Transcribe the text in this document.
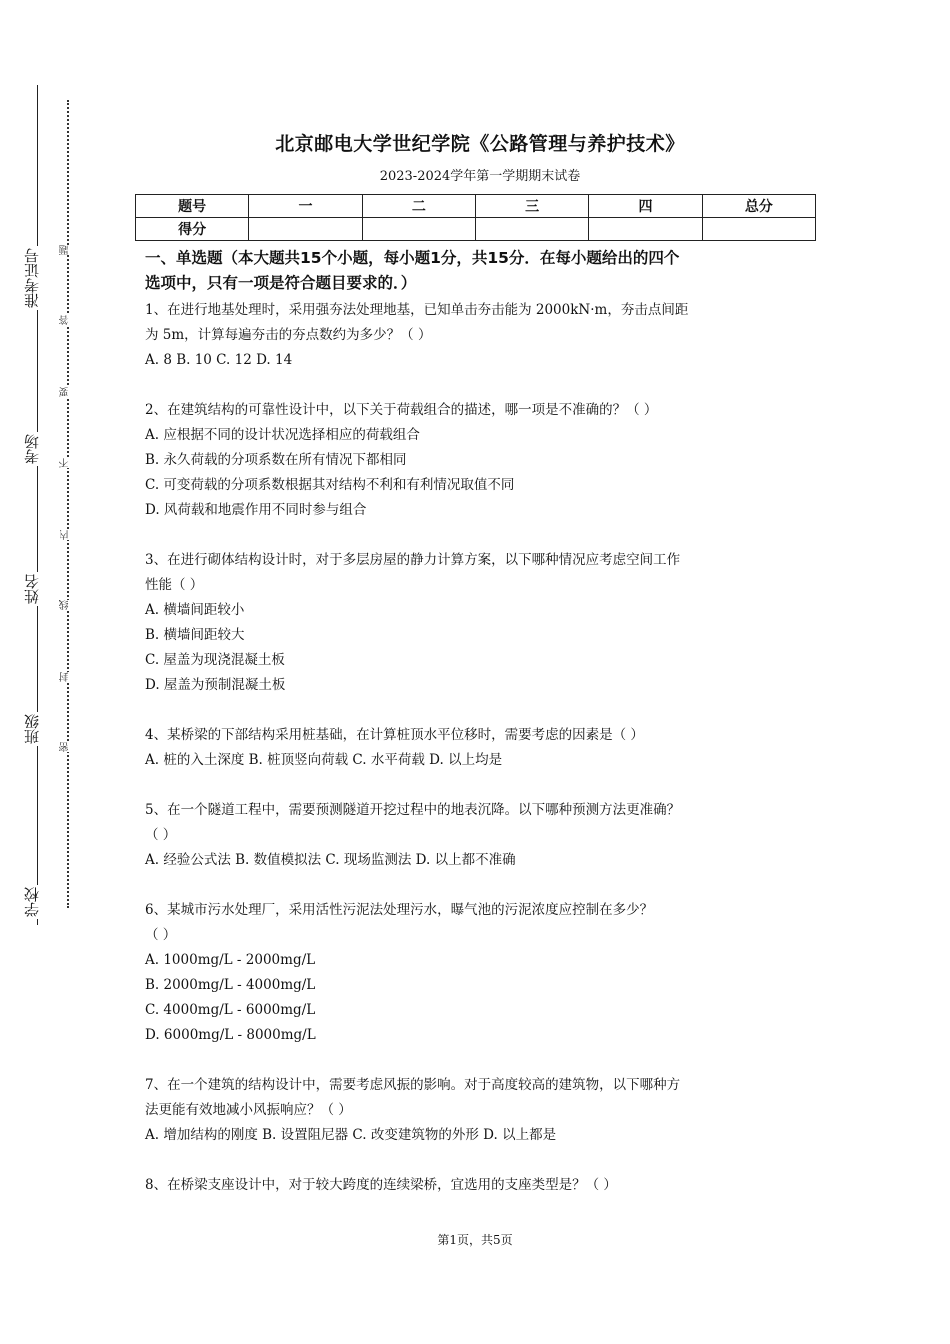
准考证号
考场
姓名
班级
学校
题
答
要
不
内
线
封
密
北京邮电大学世纪学院《公路管理与养护技术》
2023-2024学年第一学期期末试卷
题号	一	二	三	四	总分
得分					
一、单选题（本大题共15个小题，每小题1分，共15分．在每小题给出的四个
选项中，只有一项是符合题目要求的．）

1、在进行地基处理时，采用强夯法处理地基，已知单击夯击能为 2000kN·m，夯击点间距

为 5m，计算每遍夯击的夯点数约为多少？（ ）

A. 8 B. 10 C. 12 D. 14

2、在建筑结构的可靠性设计中，以下关于荷载组合的描述，哪一项是不准确的？（ ）

A. 应根据不同的设计状况选择相应的荷载组合

B. 永久荷载的分项系数在所有情况下都相同

C. 可变荷载的分项系数根据其对结构不利和有利情况取值不同

D. 风荷载和地震作用不同时参与组合

3、在进行砌体结构设计时，对于多层房屋的静力计算方案，以下哪种情况应考虑空间工作

性能（ ）

A. 横墙间距较小

B. 横墙间距较大

C. 屋盖为现浇混凝土板

D. 屋盖为预制混凝土板

4、某桥梁的下部结构采用桩基础，在计算桩顶水平位移时，需要考虑的因素是（ ）

A. 桩的入土深度 B. 桩顶竖向荷载 C. 水平荷载 D. 以上均是

5、在一个隧道工程中，需要预测隧道开挖过程中的地表沉降。以下哪种预测方法更准确？

（ ）

A. 经验公式法 B. 数值模拟法 C. 现场监测法 D. 以上都不准确

6、某城市污水处理厂，采用活性污泥法处理污水，曝气池的污泥浓度应控制在多少？

（ ）

A. 1000mg/L - 2000mg/L

B. 2000mg/L - 4000mg/L

C. 4000mg/L - 6000mg/L

D. 6000mg/L - 8000mg/L

7、在一个建筑的结构设计中，需要考虑风振的影响。对于高度较高的建筑物，以下哪种方

法更能有效地减小风振响应？（ ）

A. 增加结构的刚度 B. 设置阻尼器 C. 改变建筑物的外形 D. 以上都是

8、在桥梁支座设计中，对于较大跨度的连续梁桥，宜选用的支座类型是？（ ）

第1页，共5页
